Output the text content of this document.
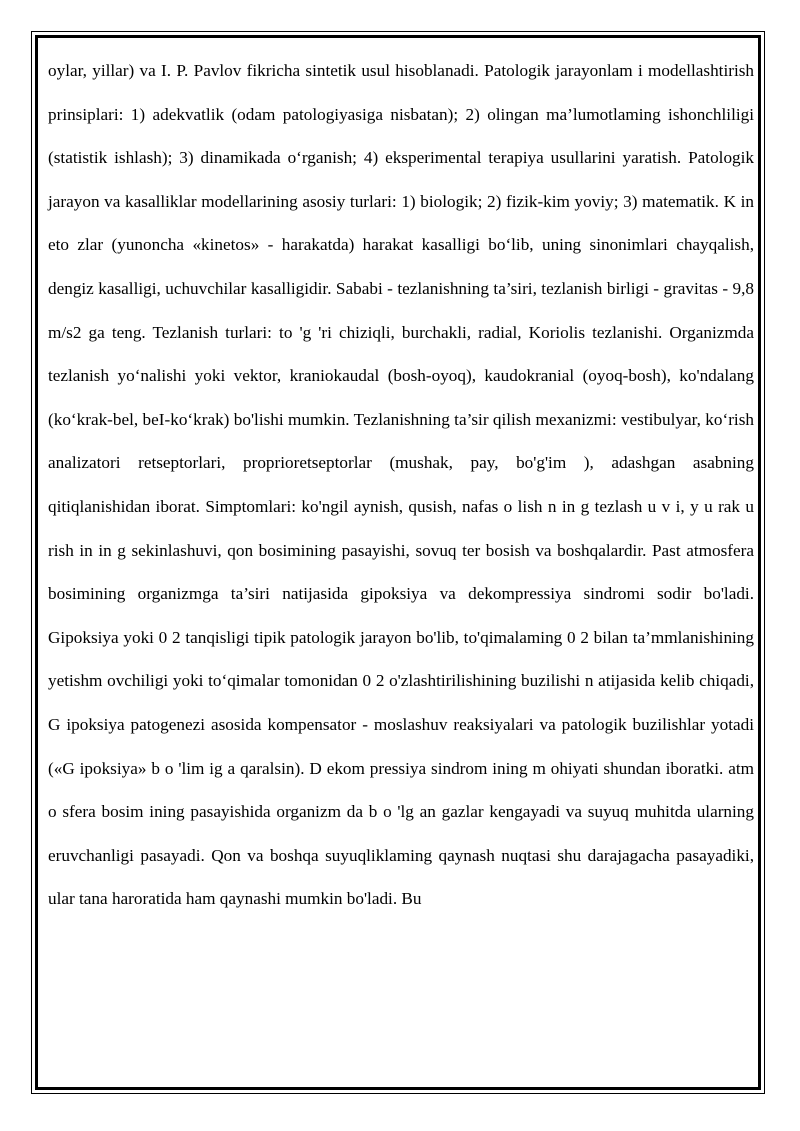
oylar, yillar) va I. P. Pavlov fikricha sintetik usul hisoblanadi. Patologik jarayonlam i modellashtirish prinsiplari: 1) adekvatlik (odam patologiyasiga nisbatan); 2) olingan ma’lumotlaming ishonchliligi (statistik ishlash); 3) dinamikada o‘rganish; 4) eksperimental terapiya usullarini yaratish. Patologik jarayon va kasalliklar modellarining asosiy turlari: 1) biologik; 2) fizik-kim yoviy; 3) matematik. K in eto zlar (yunoncha «kinetos» - harakatda) harakat kasalligi bo‘lib, uning sinonimlari chayqalish, dengiz kasalligi, uchuvchilar kasalligidir. Sababi - tezlanishning ta’siri, tezlanish birligi - gravitas - 9,8 m/s2 ga teng. Tezlanish turlari: to 'g 'ri chiziqli, burchakli, radial, Koriolis tezlanishi. Organizmda tezlanish yo‘nalishi yoki vektor, kraniokaudal (bosh-oyoq), kaudokranial (oyoq-bosh), ko'ndalang (ko‘krak-bel, beI-ko‘krak) bo'lishi mumkin. Tezlanishning ta’sir qilish mexanizmi: vestibulyar, ko‘rish analizatori retseptorlari, proprioretseptorlar (mushak, pay, bo'g'im ), adashgan asabning qitiqlanishidan iborat. Simptomlari: ko'ngil aynish, qusish, nafas o lish n in g tezlash u v i, y u rak u rish in in g sekinlashuvi, qon bosimining pasayishi, sovuq ter bosish va boshqalardir. Past atmosfera bosimining organizmga ta’siri natijasida gipoksiya va dekompressiya sindromi sodir bo'ladi. Gipoksiya yoki 0 2 tanqisligi tipik patologik jarayon bo'lib, to'qimalaming 0 2 bilan ta’mmlanishining yetishm ovchiligi yoki to‘qimalar tomonidan 0 2 o'zlashtirilishining buzilishi n atijasida kelib chiqadi, G ipoksiya patogenezi asosida kompensator - moslashuv reaksiyalari va patologik buzilishlar yotadi («G ipoksiya» b o 'lim ig a qaralsin). D ekom pressiya sindrom ining m ohiyati shundan iboratki. atm o sfera bosim ining pasayishida organizm da b o 'lg an gazlar kengayadi va suyuq muhitda ularning eruvchanligi pasayadi. Qon va boshqa suyuqliklaming qaynash nuqtasi shu darajagachа pasayadiki, ular tana haroratida ham qaynashi mumkin bo'ladi. Bu
